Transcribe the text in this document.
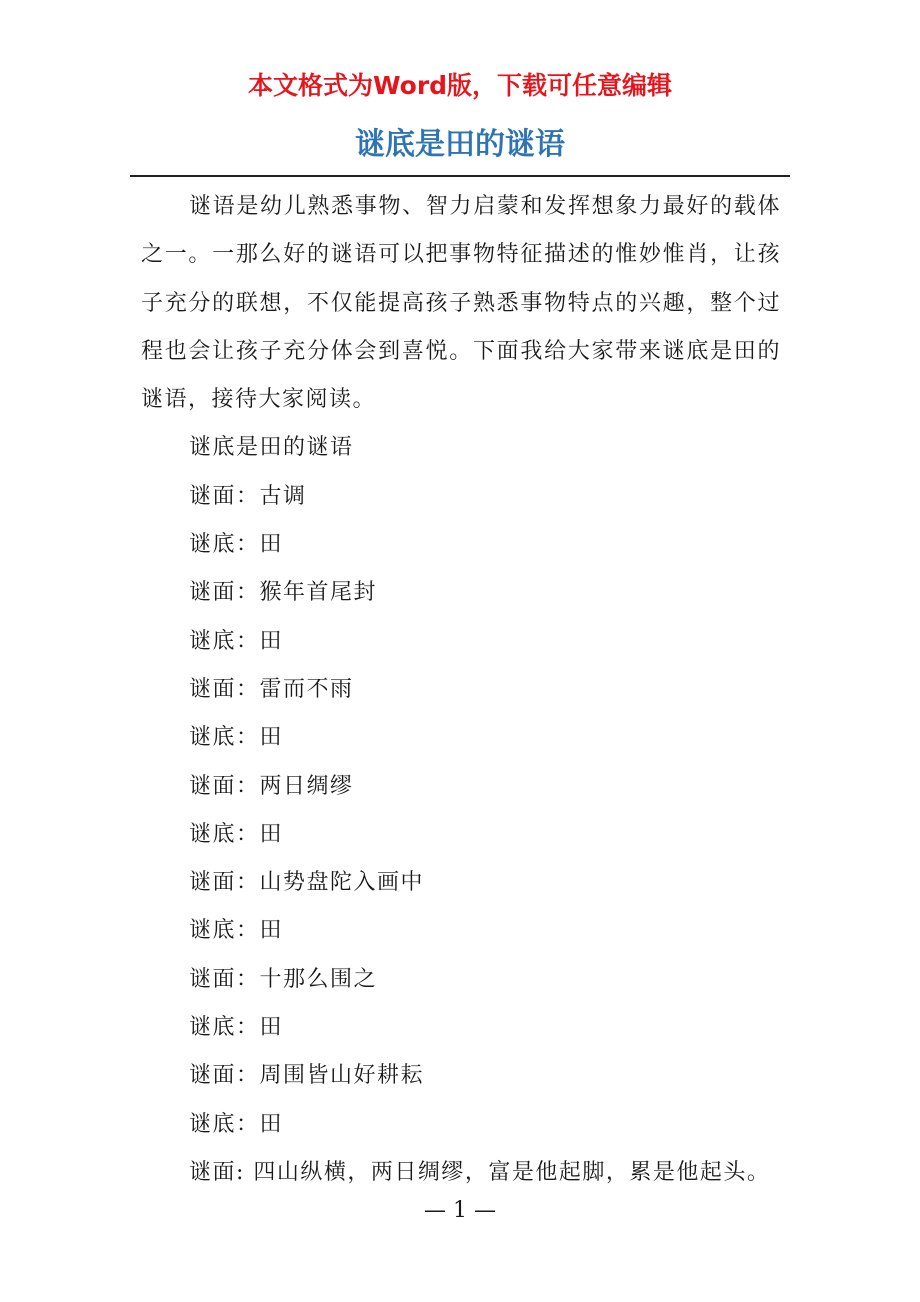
本文格式为Word版，下载可任意编辑
谜底是田的谜语

谜语是幼儿熟悉事物、智力启蒙和发挥想象力最好的载体之一。一那么好的谜语可以把事物特征描述的惟妙惟肖，让孩子充分的联想，不仅能提高孩子熟悉事物特点的兴趣，整个过程也会让孩子充分体会到喜悦。下面我给大家带来谜底是田的谜语，接待大家阅读。

谜底是田的谜语

谜面：古调

谜底：田

谜面：猴年首尾封

谜底：田

谜面：雷而不雨

谜底：田

谜面：两日绸缪

谜底：田

谜面：山势盘陀入画中

谜底：田

谜面：十那么围之

谜底：田

谜面：周围皆山好耕耘

谜底：田

谜面: 四山纵横，两日绸缪，富是他起脚，累是他起头。

— 1 —
